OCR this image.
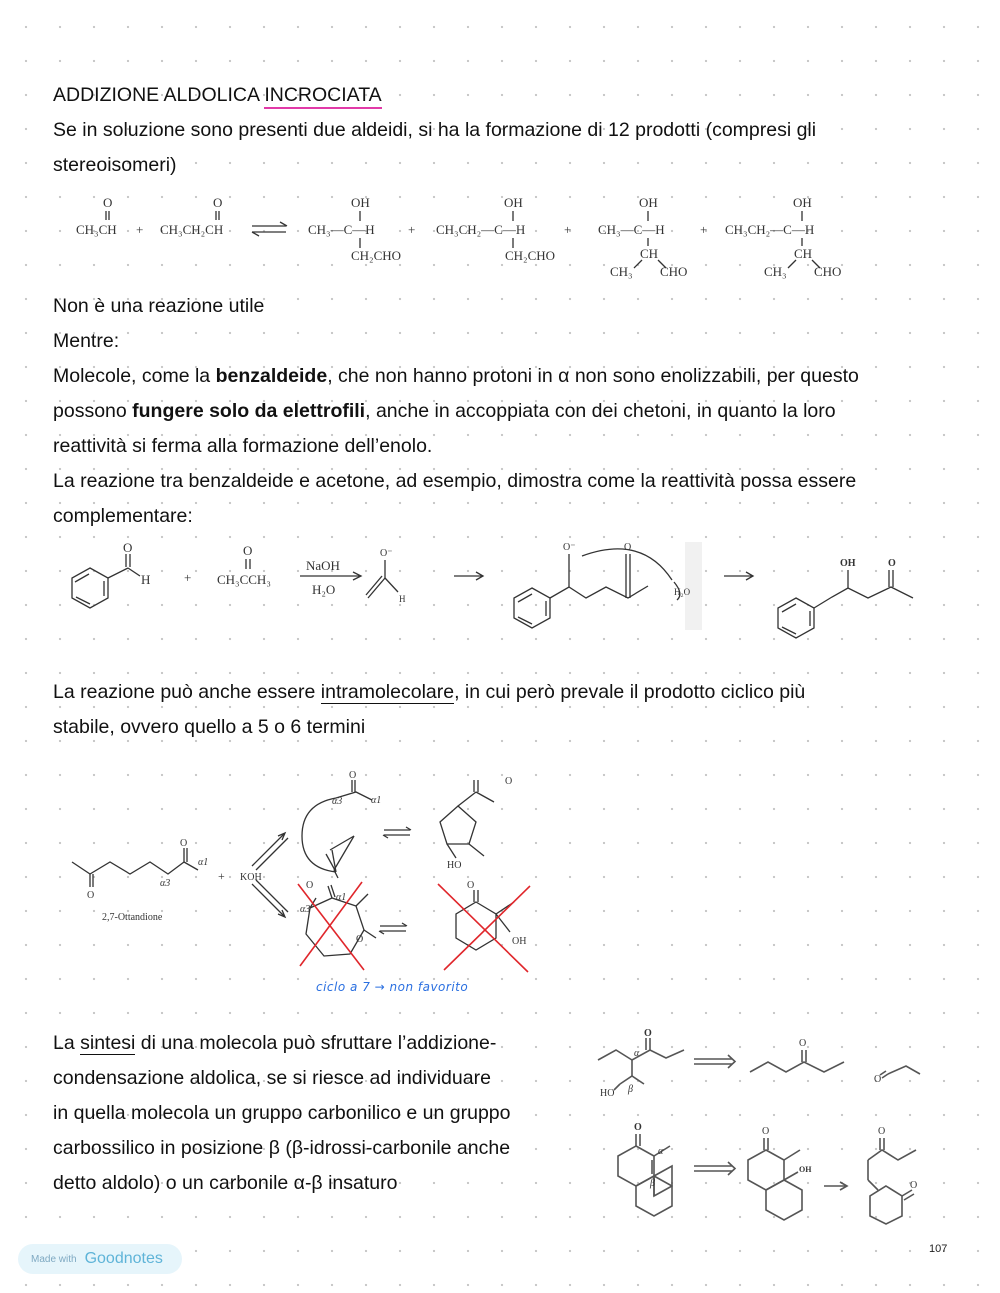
ADDIZIONE ALDOLICA INCROCIATA
Se in soluzione sono presenti due aldeidi, si ha la formazione di 12 prodotti (compresi gli
stereoisomeri)
O
CH₃CH +
O
CH₃CH₂CH
OH
CH₃—C—H
CH₂CHO
+
OH
CH₃CH₂—C—H
CH₂CHO
+
OH
CH₃—C—H
CH
CH₃ CHO
+
OH
CH₃CH₂—C—H
CH
CH₃ CHO
Non è una reazione utile
Mentre:
Molecole, come la benzaldeide, che non hanno protoni in α non sono enolizzabili, per questo
possono fungere solo da elettrofili, anche in accoppiata con dei chetoni, in quanto la loro
reattività si ferma alla formazione dell’enolo.
La reazione tra benzaldeide e acetone, ad esempio, dimostra come la reattività possa essere
complementare:
O
H	+
O
CH₃CCH₃
NaOH
H₂O
O⁻
H
O⁻	O
H₂O
OH	O
La reazione può anche essere intramolecolare, in cui però prevale il prodotto ciclico più
stabile, ovvero quello a 5 o 6 termini
O
O
α1
α3
2,7-Ottandione
+ KOH
O
α3	α1
O
HO
α3
O
α1
O
O
OH
ciclo a 7 → non favorito
La sintesi di una molecola può sfruttare l’addizione-
condensazione aldolica, se si riesce ad individuare
in quella molecola un gruppo carbonilico e un gruppo
carbossilico in posizione β (β-idrossi-carbonile anche
detto aldolo) o un carbonile α-β insaturo
O
α
HO β
O
O
O
α
β
O
OH
O
O
Made with Goodnotes
107
